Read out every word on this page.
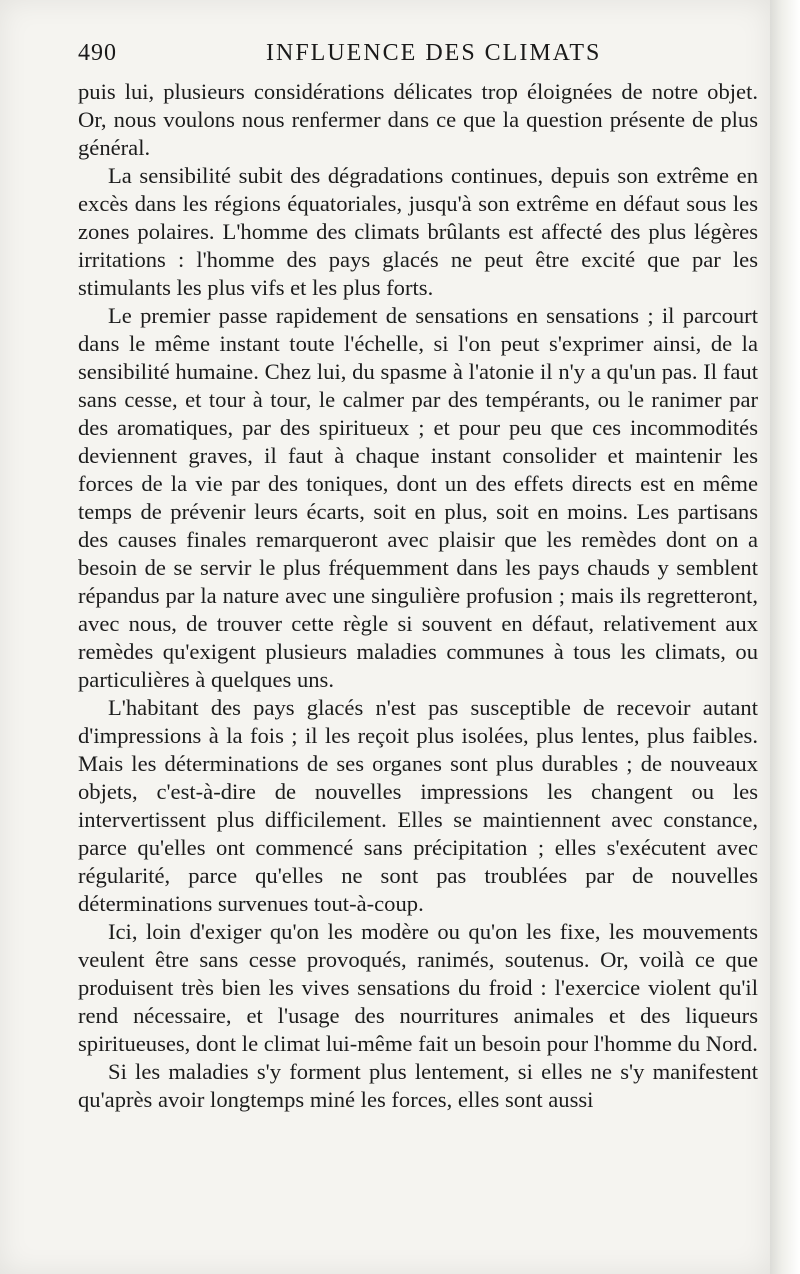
490	INFLUENCE DES CLIMATS

puis lui, plusieurs considérations délicates trop éloignées de notre objet. Or, nous voulons nous renfermer dans ce que la question présente de plus général.

La sensibilité subit des dégradations continues, depuis son extrême en excès dans les régions équatoriales, jusqu'à son extrême en défaut sous les zones polaires. L'homme des climats brûlants est affecté des plus légères irritations : l'homme des pays glacés ne peut être excité que par les stimulants les plus vifs et les plus forts.

Le premier passe rapidement de sensations en sensations ; il parcourt dans le même instant toute l'échelle, si l'on peut s'exprimer ainsi, de la sensibilité humaine. Chez lui, du spasme à l'atonie il n'y a qu'un pas. Il faut sans cesse, et tour à tour, le calmer par des tempérants, ou le ranimer par des aromatiques, par des spiritueux ; et pour peu que ces incommodités deviennent graves, il faut à chaque instant consolider et maintenir les forces de la vie par des toniques, dont un des effets directs est en même temps de prévenir leurs écarts, soit en plus, soit en moins. Les partisans des causes finales remarqueront avec plaisir que les remèdes dont on a besoin de se servir le plus fréquemment dans les pays chauds y semblent répandus par la nature avec une singulière profusion ; mais ils regretteront, avec nous, de trouver cette règle si souvent en défaut, relativement aux remèdes qu'exigent plusieurs maladies communes à tous les climats, ou particulières à quelques uns.

L'habitant des pays glacés n'est pas susceptible de recevoir autant d'impressions à la fois ; il les reçoit plus isolées, plus lentes, plus faibles. Mais les déterminations de ses organes sont plus durables ; de nouveaux objets, c'est-à-dire de nouvelles impressions les changent ou les intervertissent plus difficilement. Elles se maintiennent avec constance, parce qu'elles ont commencé sans précipitation ; elles s'exécutent avec régularité, parce qu'elles ne sont pas troublées par de nouvelles déterminations survenues tout-à-coup.

Ici, loin d'exiger qu'on les modère ou qu'on les fixe, les mouvements veulent être sans cesse provoqués, ranimés, soutenus. Or, voilà ce que produisent très bien les vives sensations du froid : l'exercice violent qu'il rend nécessaire, et l'usage des nourritures animales et des liqueurs spiritueuses, dont le climat lui-même fait un besoin pour l'homme du Nord.

Si les maladies s'y forment plus lentement, si elles ne s'y manifestent qu'après avoir longtemps miné les forces, elles sont aussi
